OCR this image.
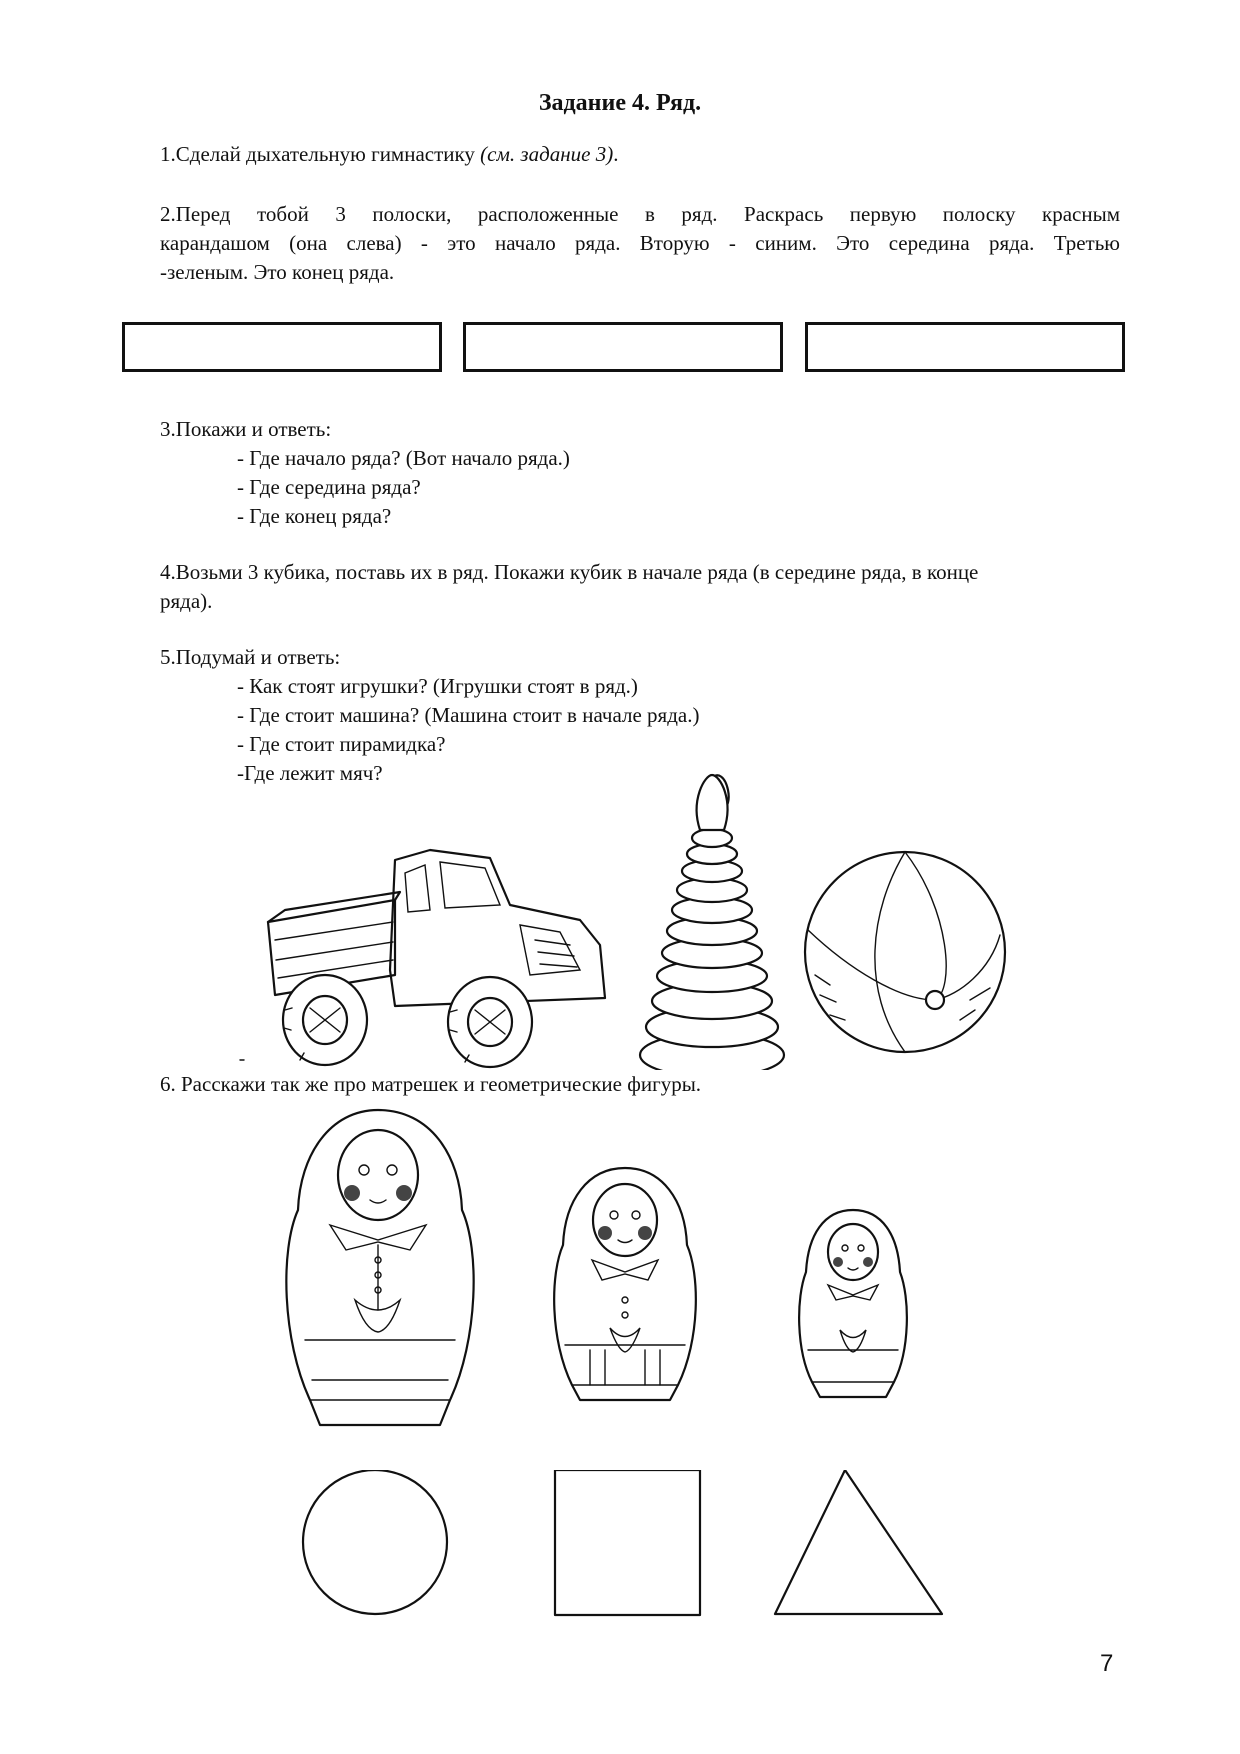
Задание 4. Ряд.
1.Сделай дыхательную гимнастику (см. задание 3).
2.Перед тобой 3 полоски, расположенные в ряд. Раскрась первую полоску красным
карандашом (она слева) - это начало ряда. Вторую - синим. Это середина ряда. Третью
-зеленым. Это конец ряда.
3.Покажи и ответь:
- Где начало ряда? (Вот начало ряда.)
- Где середина ряда?
- Где конец ряда?
4.Возьми 3 кубика, поставь их в ряд. Покажи кубик в начале ряда (в середине ряда, в конце
ряда).
5.Подумай и ответь:
- Как стоят игрушки? (Игрушки стоят в ряд.)
- Где стоит машина? (Машина стоит в начале ряда.)
- Где стоит пирамидка?
-Где лежит мяч?
6. Расскажи так же про матрешек и геометрические фигуры.
7
